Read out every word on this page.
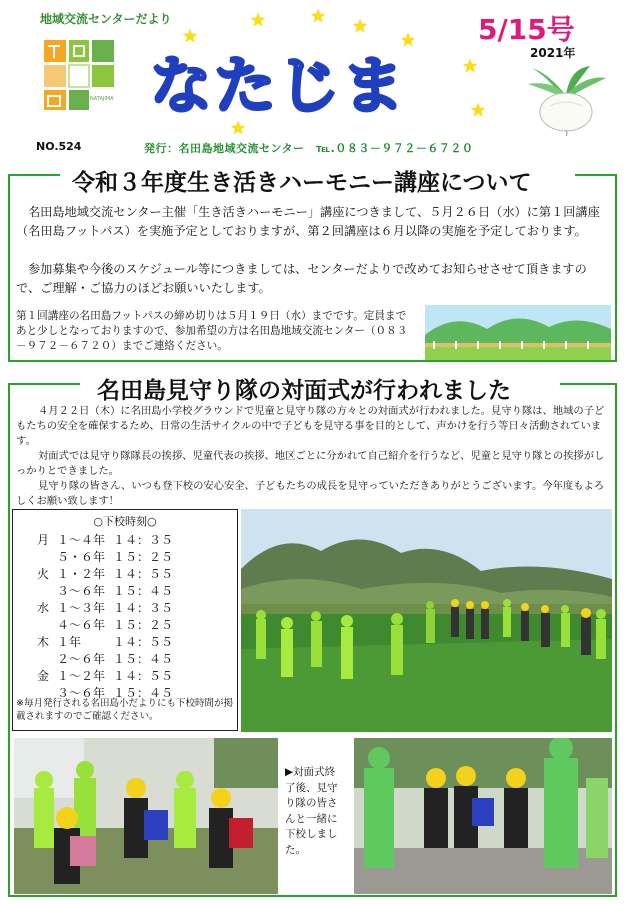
地域交流センターだより
NATAJIMA
★
★ ★ ★
★
★
★
★
なたじま
5/15号
2021年
NO.524	発行：名田島地域交流センター　℡.０８３－９７２－６７２０
令和３年度生き活きハーモニー講座について
名田島地域交流センター主催「生き活きハーモニー」講座につきまして、５月２６日（水）に第１回講座（名田島フットパス）を実施予定としておりますが、第２回講座は６月以降の実施を予定しております。
参加募集や今後のスケジュール等につきましては、センターだよりで改めてお知らせさせて頂きますので、ご理解・ご協力のほどお願いいたします。
第１回講座の名田島フットパスの締め切りは５月１９日（水）までです。定員まであと少しとなっておりますので、参加希望の方は名田島地域交流センター（０８３－９７２－６７２０）までご連絡ください。
名田島見守り隊の対面式が行われました
４月２２日（木）に名田島小学校グラウンドで児童と見守り隊の方々との対面式が行われました。見守り隊は、地域の子どもたちの安全を確保するため、日常の生活サイクルの中で子どもを見守る事を目的として、声かけを行う等日々活動されています。
対面式では見守り隊隊長の挨拶、児童代表の挨拶、地区ごとに分かれて自己紹介を行うなど、児童と見守り隊との挨拶がしっかりとできました。
見守り隊の皆さん、いつも登下校の安心安全、子どもたちの成長を見守っていただきありがとうございます。今年度もよろしくお願い致します！
○下校時刻○
月	１～４年	１４：３５
	５・６年	１５：２５
火	１・２年	１４：５５
	３～６年	１５：４５
水	１～３年	１４：３５
	４～６年	１５：２５
木	１年	１４：５５
	２～６年	１５：４５
金	１～２年	１４：５５
	３～６年	１５：４５
※毎月発行される名田島小だよりにも下校時間が掲載されますのでご確認ください。
▶対面式終了後、見守り隊の皆さんと一緒に下校しました。
